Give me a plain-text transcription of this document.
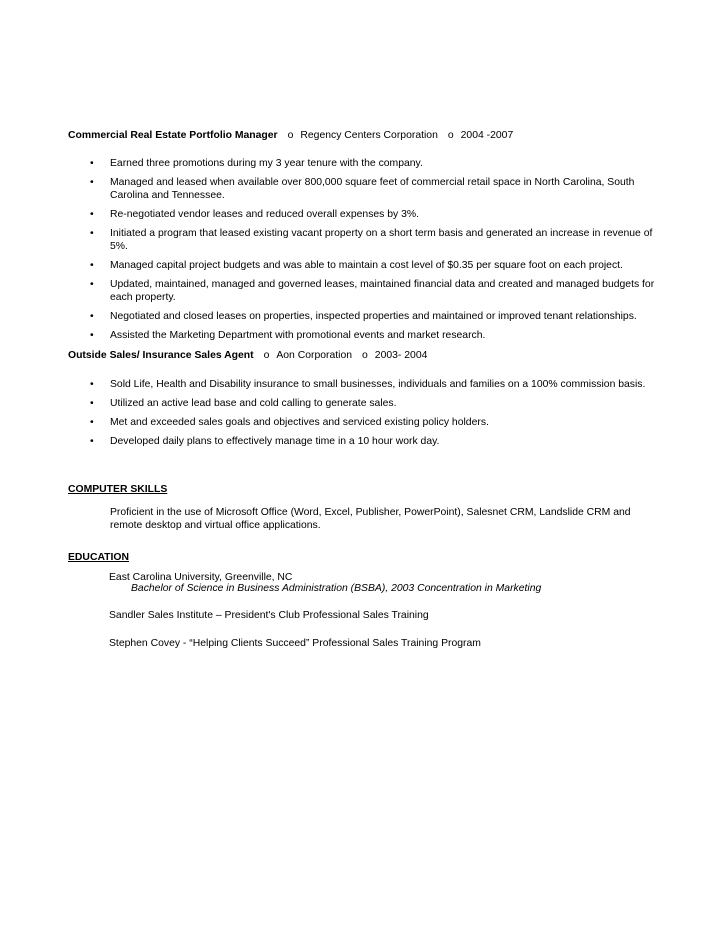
Commercial Real Estate Portfolio Manager o Regency Centers Corporation o 2004 -2007
• Earned three promotions during my 3 year tenure with the company.
• Managed and leased when available over 800,000 square feet of commercial retail space in North Carolina, South Carolina and Tennessee.
• Re-negotiated vendor leases and reduced overall expenses by 3%.
• Initiated a program that leased existing vacant property on a short term basis and generated an increase in revenue of 5%.
• Managed capital project budgets and was able to maintain a cost level of $0.35 per square foot on each project.
• Updated, maintained, managed and governed leases, maintained financial data and created and managed budgets for each property.
• Negotiated and closed leases on properties, inspected properties and maintained or improved tenant relationships.
• Assisted the Marketing Department with promotional events and market research.
Outside Sales/ Insurance Sales Agent o Aon Corporation o 2003- 2004
• Sold Life, Health and Disability insurance to small businesses, individuals and families on a 100% commission basis.
• Utilized an active lead base and cold calling to generate sales.
• Met and exceeded sales goals and objectives and serviced existing policy holders.
• Developed daily plans to effectively manage time in a 10 hour work day.
COMPUTER SKILLS
Proficient in the use of Microsoft Office (Word, Excel, Publisher, PowerPoint), Salesnet CRM, Landslide CRM and remote desktop and virtual office applications.
EDUCATION
East Carolina University, Greenville, NC
Bachelor of Science in Business Administration (BSBA), 2003 Concentration in Marketing
Sandler Sales Institute – President's Club Professional Sales Training
Stephen Covey - “Helping Clients Succeed” Professional Sales Training Program
